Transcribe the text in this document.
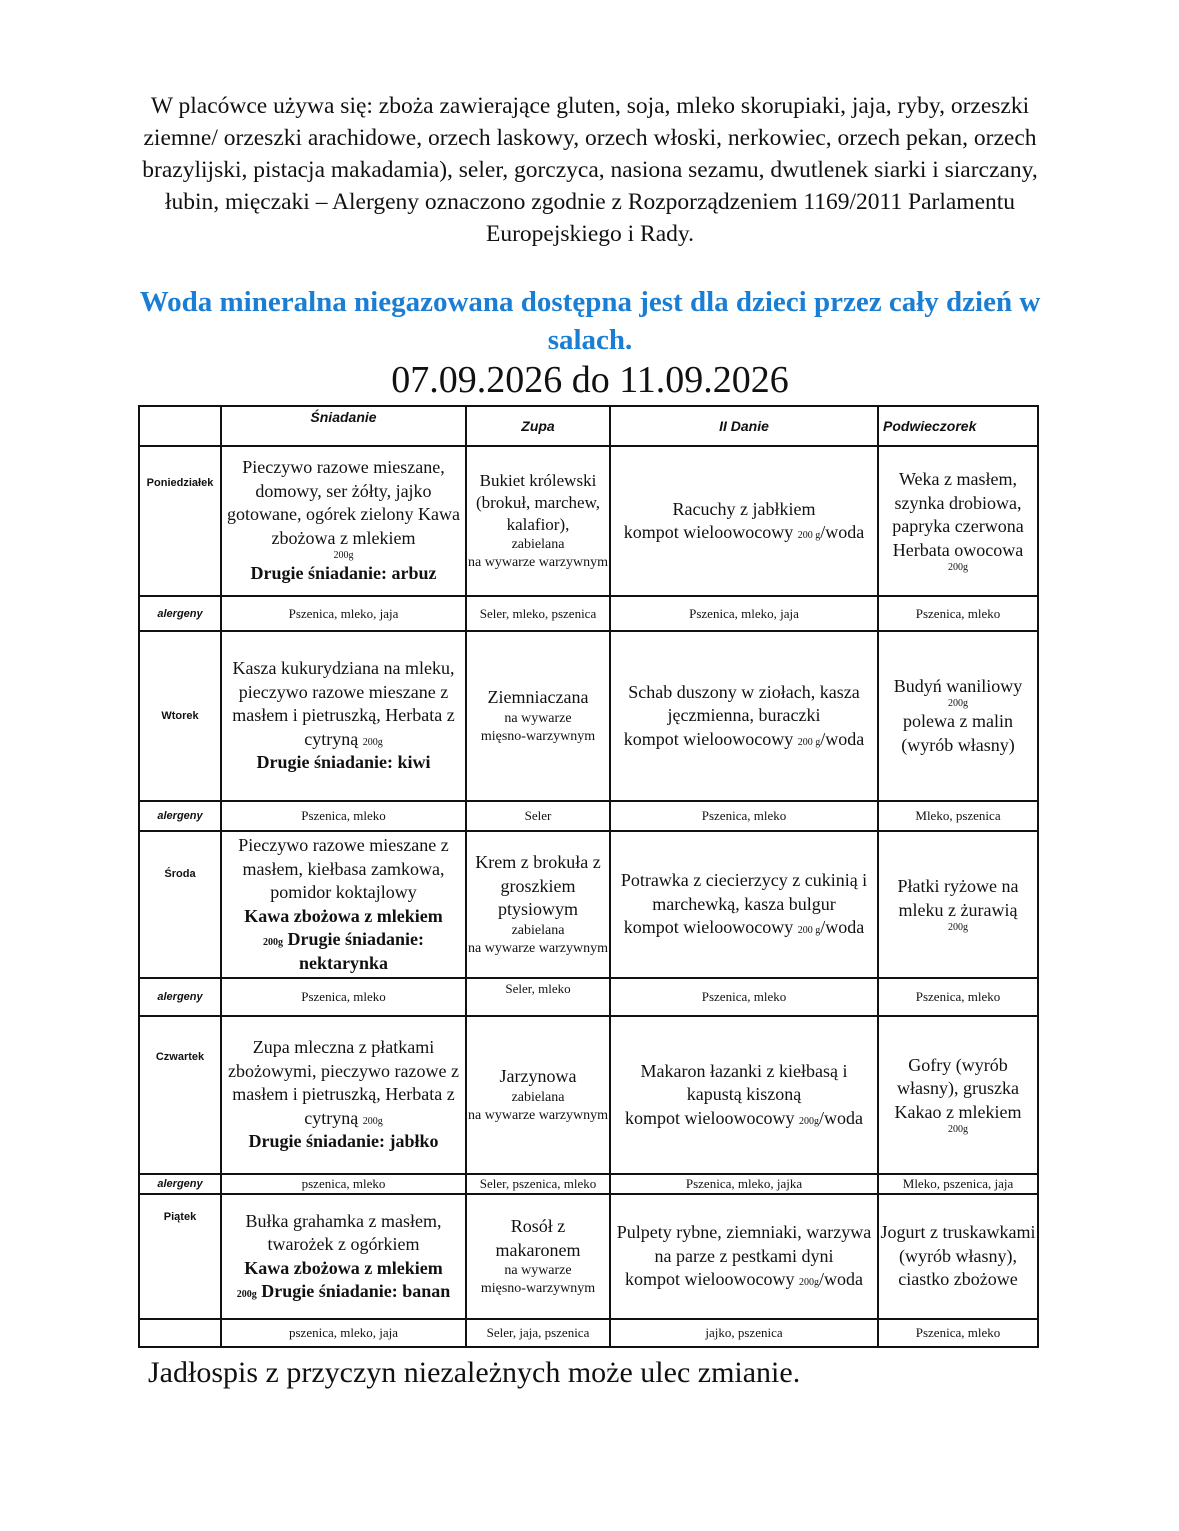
W placówce używa się: zboża zawierające gluten, soja, mleko skorupiaki, jaja, ryby, orzeszki ziemne/ orzeszki arachidowe, orzech laskowy, orzech włoski, nerkowiec, orzech pekan, orzech brazylijski, pistacja makadamia), seler, gorczyca, nasiona sezamu, dwutlenek siarki i siarczany, łubin, mięczaki – Alergeny oznaczono zgodnie z Rozporządzeniem 1169/2011 Parlamentu Europejskiego i Rady.
Woda mineralna niegazowana dostępna jest dla dzieci przez cały dzień w salach.
07.09.2026 do 11.09.2026
	Śniadanie	Zupa	II Danie	Podwieczorek
Poniedziałek	Pieczywo razowe mieszane, domowy, ser żółty, jajko gotowane, ogórek zielony Kawa zbożowa z mlekiem
200g
Drugie śniadanie: arbuz	Bukiet królewski (brokuł, marchew, kalafior),
zabielana
na wywarze warzywnym	Racuchy z jabłkiem
kompot wieloowocowy 200 g/woda	Weka z masłem, szynka drobiowa, papryka czerwona Herbata owocowa
200g

alergeny	Pszenica, mleko, jaja	Seler, mleko, pszenica	Pszenica, mleko, jaja	Pszenica, mleko
Wtorek	Kasza kukurydziana na mleku, pieczywo razowe mieszane z masłem i pietruszką, Herbata z cytryną 200g
Drugie śniadanie: kiwi	Ziemniaczana
na wywarze
mięsno-warzywnym	Schab duszony w ziołach, kasza jęczmienna, buraczki
kompot wieloowocowy 200 g/woda	Budyń waniliowy
200g
polewa z malin (wyrób własny)
alergeny	Pszenica, mleko	Seler	Pszenica, mleko	Mleko, pszenica
Środa	Pieczywo razowe mieszane z masłem, kiełbasa zamkowa, pomidor koktajlowy
Kawa zbożowa z mlekiem
200g Drugie śniadanie: nektarynka	Krem z brokuła z groszkiem ptysiowym
zabielana
na wywarze warzywnym	Potrawka z ciecierzycy z cukinią i marchewką, kasza bulgur
kompot wieloowocowy 200 g/woda	Płatki ryżowe na mleku z żurawią
200g

alergeny	Pszenica, mleko	Seler, mleko	Pszenica, mleko	Pszenica, mleko
Czwartek	Zupa mleczna z płatkami zbożowymi, pieczywo razowe z masłem i pietruszką, Herbata z cytryną 200g
Drugie śniadanie: jabłko	Jarzynowa
zabielana
na wywarze warzywnym	Makaron łazanki z kiełbasą i kapustą kiszoną
kompot wieloowocowy 200g/woda	Gofry (wyrób własny), gruszka Kakao z mlekiem
200g

alergeny	pszenica, mleko	Seler, pszenica, mleko	Pszenica, mleko, jajka	Mleko, pszenica, jaja
Piątek	Bułka grahamka z masłem, twarożek z ogórkiem
Kawa zbożowa z mlekiem
200g Drugie śniadanie: banan	Rosół z makaronem
na wywarze
mięsno-warzywnym	Pulpety rybne, ziemniaki, warzywa na parze z pestkami dyni
kompot wieloowocowy 200g/woda	Jogurt z truskawkami (wyrób własny), ciastko zbożowe
	pszenica, mleko, jaja	Seler, jaja, pszenica	jajko, pszenica	Pszenica, mleko
Jadłospis z przyczyn niezależnych może ulec zmianie.
